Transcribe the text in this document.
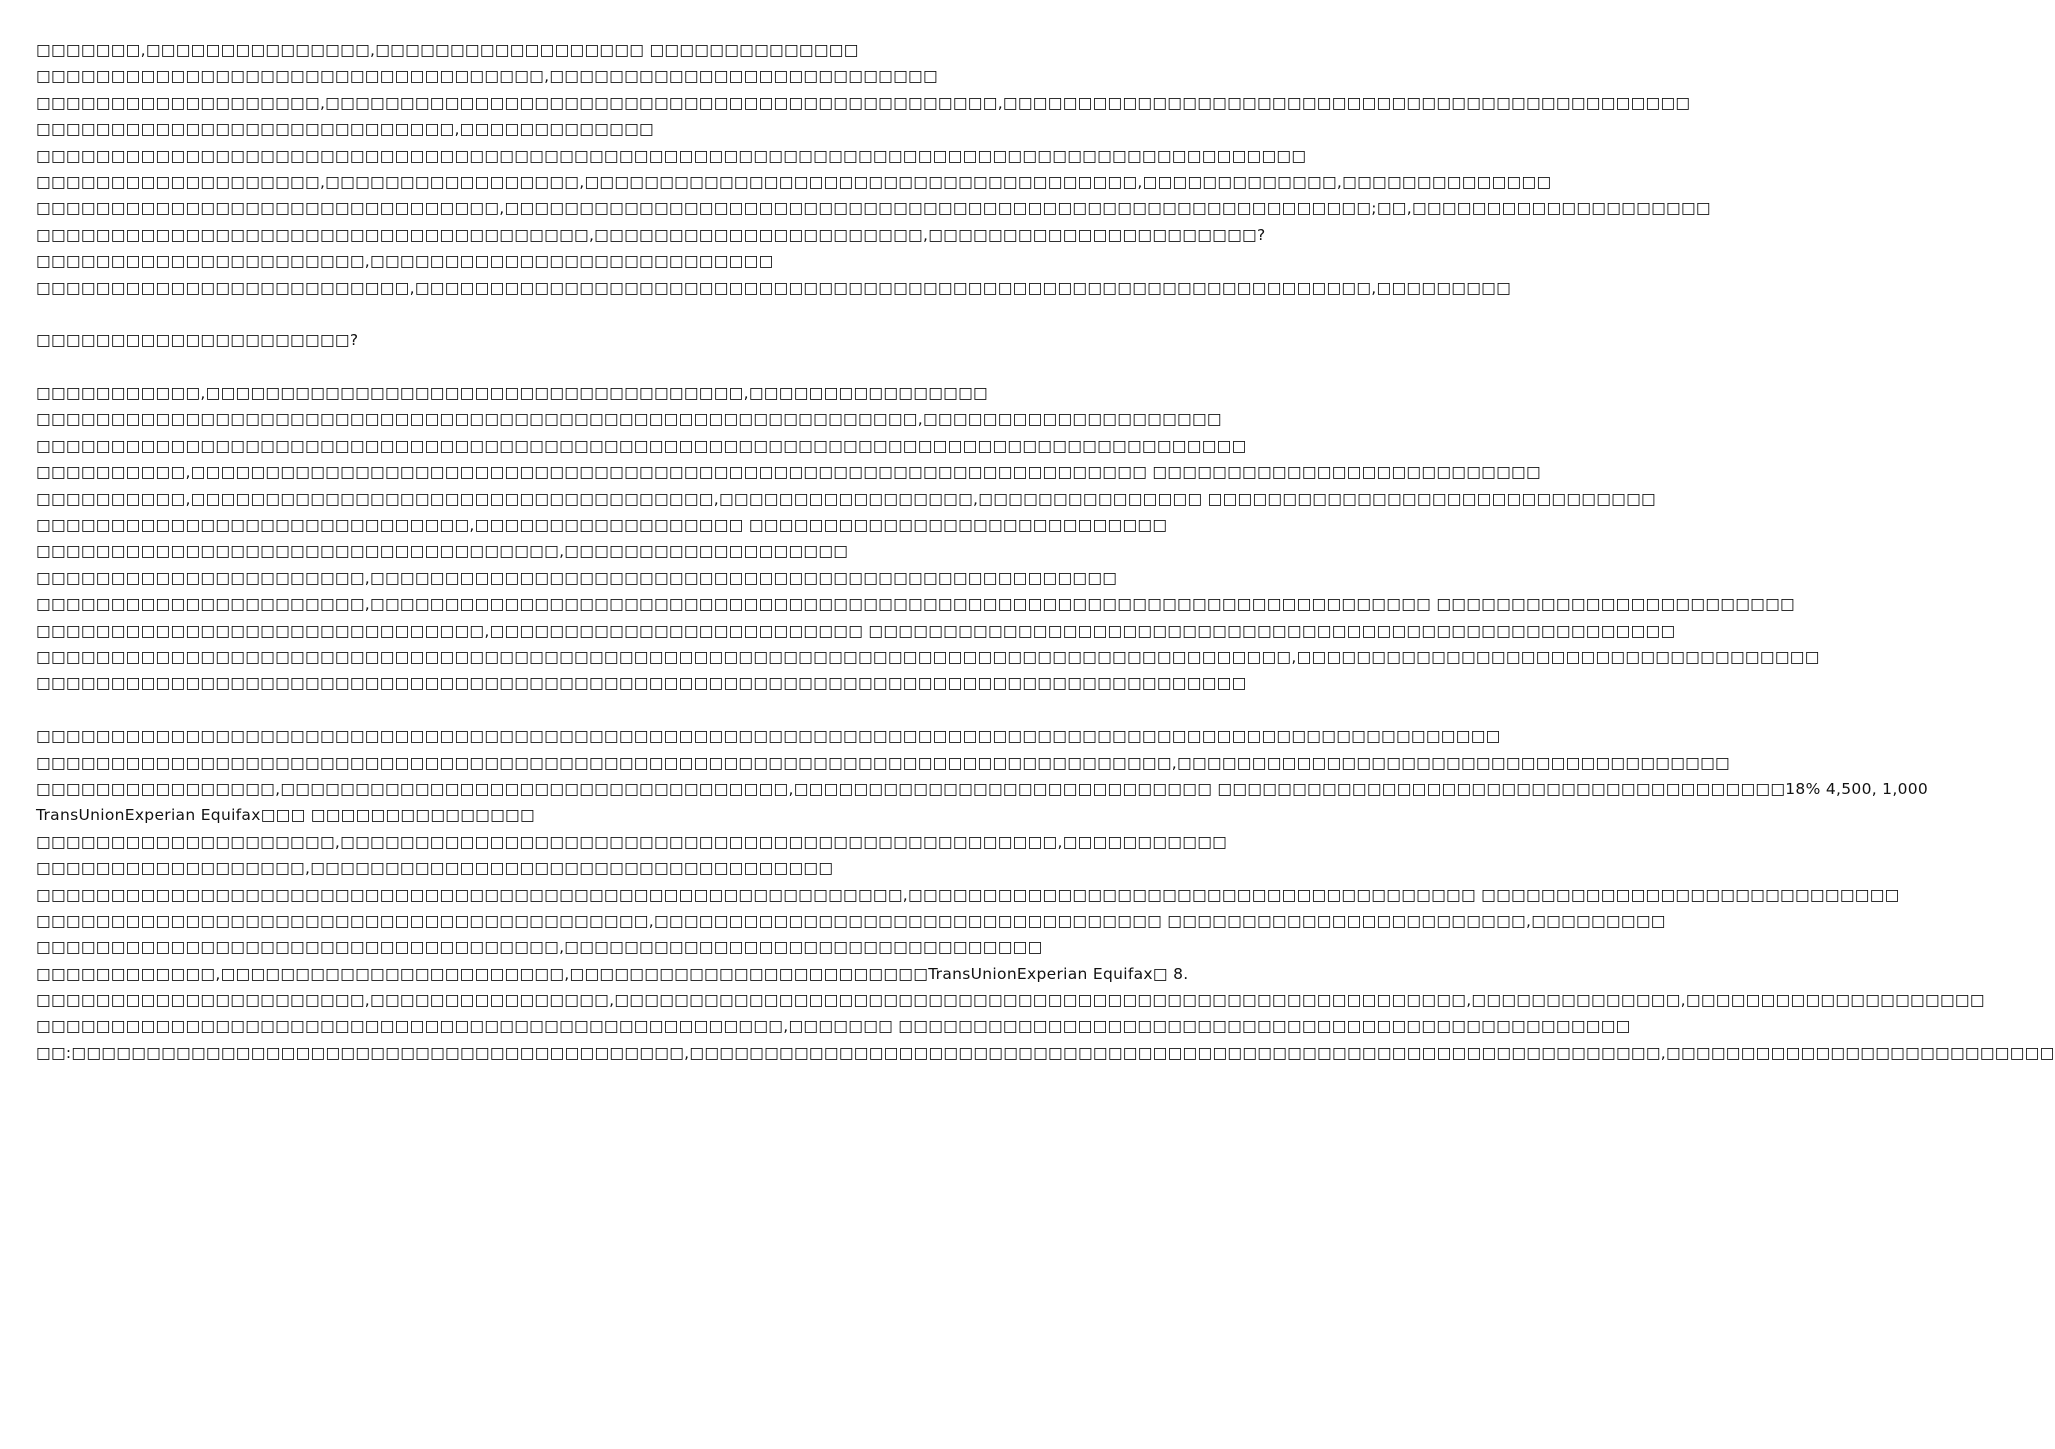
□□□□□□□,□□□□□□□□□□□□□□□,□□□□□□□□□□□□□□□□□□ □□□□□□□□□□□□□□
□□□□□□□□□□□□□□□□□□□□□□□□□□□□□□□□□□,□□□□□□□□□□□□□□□□□□□□□□□□□□
□□□□□□□□□□□□□□□□□□□,□□□□□□□□□□□□□□□□□□□□□□□□□□□□□□□□□□□□□□□□□□□□□,□□□□□□□□□□□□□□□□□□□□□□□□□□□□□□□□□□□□□□□□□□□□□□
□□□□□□□□□□□□□□□□□□□□□□□□□□□□,□□□□□□□□□□□□□
□□□□□□□□□□□□□□□□□□□□□□□□□□□□□□□□□□□□□□□□□□□□□□□□□□□□□□□□□□□□□□□□□□□□□□□□□□□□□□□□□□□□□
□□□□□□□□□□□□□□□□□□□,□□□□□□□□□□□□□□□□□,□□□□□□□□□□□□□□□□□□□□□□□□□□□□□□□□□□□□□,□□□□□□□□□□□□□,□□□□□□□□□□□□□□
□□□□□□□□□□□□□□□□□□□□□□□□□□□□□□□,□□□□□□□□□□□□□□□□□□□□□□□□□□□□□□□□□□□□□□□□□□□□□□□□□□□□□□□□□□;□□,□□□□□□□□□□□□□□□□□□□□
□□□□□□□□□□□□□□□□□□□□□□□□□□□□□□□□□□□□□,□□□□□□□□□□□□□□□□□□□□□□,□□□□□□□□□□□□□□□□□□□□□□?
□□□□□□□□□□□□□□□□□□□□□□,□□□□□□□□□□□□□□□□□□□□□□□□□□□
□□□□□□□□□□□□□□□□□□□□□□□□□,□□□□□□□□□□□□□□□□□□□□□□□□□□□□□□□□□□□□□□□□□□□□□□□□□□□□□□□□□□□□□□□□,□□□□□□□□□
□□□□□□□□□□□□□□□□□□□□□?
□□□□□□□□□□□,□□□□□□□□□□□□□□□□□□□□□□□□□□□□□□□□□□□□,□□□□□□□□□□□□□□□□
□□□□□□□□□□□□□□□□□□□□□□□□□□□□□□□□□□□□□□□□□□□□□□□□□□□□□□□□□□□,□□□□□□□□□□□□□□□□□□□□
□□□□□□□□□□□□□□□□□□□□□□□□□□□□□□□□□□□□□□□□□□□□□□□□□□□□□□□□□□□□□□□□□□□□□□□□□□□□□□□□□
□□□□□□□□□□,□□□□□□□□□□□□□□□□□□□□□□□□□□□□□□□□□□□□□□□□□□□□□□□□□□□□□□□□□□□□□□□□ □□□□□□□□□□□□□□□□□□□□□□□□□□
□□□□□□□□□□,□□□□□□□□□□□□□□□□□□□□□□□□□□□□□□□□□□□,□□□□□□□□□□□□□□□□□,□□□□□□□□□□□□□□□ □□□□□□□□□□□□□□□□□□□□□□□□□□□□□□
□□□□□□□□□□□□□□□□□□□□□□□□□□□□□,□□□□□□□□□□□□□□□□□□ □□□□□□□□□□□□□□□□□□□□□□□□□□□□
□□□□□□□□□□□□□□□□□□□□□□□□□□□□□□□□□□□,□□□□□□□□□□□□□□□□□□□
□□□□□□□□□□□□□□□□□□□□□□,□□□□□□□□□□□□□□□□□□□□□□□□□□□□□□□□□□□□□□□□□□□□□□□□□□
□□□□□□□□□□□□□□□□□□□□□□,□□□□□□□□□□□□□□□□□□□□□□□□□□□□□□□□□□□□□□□□□□□□□□□□□□□□□□□□□□□□□□□□□□□□□□□ □□□□□□□□□□□□□□□□□□□□□□□□
□□□□□□□□□□□□□□□□□□□□□□□□□□□□□□,□□□□□□□□□□□□□□□□□□□□□□□□□ □□□□□□□□□□□□□□□□□□□□□□□□□□□□□□□□□□□□□□□□□□□□□□□□□□□□□□
□□□□□□□□□□□□□□□□□□□□□□□□□□□□□□□□□□□□□□□□□□□□□□□□□□□□□□□□□□□□□□□□□□□□□□□□□□□□□□□□□□□□,□□□□□□□□□□□□□□□□□□□□□□□□□□□□□□□□□□□
□□□□□□□□□□□□□□□□□□□□□□□□□□□□□□□□□□□□□□□□□□□□□□□□□□□□□□□□□□□□□□□□□□□□□□□□□□□□□□□□□
□□□□□□□□□□□□□□□□□□□□□□□□□□□□□□□□□□□□□□□□□□□□□□□□□□□□□□□□□□□□□□□□□□□□□□□□□□□□□□□□□□□□□□□□□□□□□□□□□□
□□□□□□□□□□□□□□□□□□□□□□□□□□□□□□□□□□□□□□□□□□□□□□□□□□□□□□□□□□□□□□□□□□□□□□□□□□□□,□□□□□□□□□□□□□□□□□□□□□□□□□□□□□□□□□□□□□
□□□□□□□□□□□□□□□□,□□□□□□□□□□□□□□□□□□□□□□□□□□□□□□□□□□,□□□□□□□□□□□□□□□□□□□□□□□□□□□□ □□□□□□□□□□□□□□□□□□□□□□□□□□□□□□□□□□□□□□18% 4,500, 1,000
TransUnionExperian Equifax□□□ □□□□□□□□□□□□□□□
□□□□□□□□□□□□□□□□□□□□,□□□□□□□□□□□□□□□□□□□□□□□□□□□□□□□□□□□□□□□□□□□□□□□□,□□□□□□□□□□□
□□□□□□□□□□□□□□□□□□,□□□□□□□□□□□□□□□□□□□□□□□□□□□□□□□□□□□
□□□□□□□□□□□□□□□□□□□□□□□□□□□□□□□□□□□□□□□□□□□□□□□□□□□□□□□□□□,□□□□□□□□□□□□□□□□□□□□□□□□□□□□□□□□□□□□□□ □□□□□□□□□□□□□□□□□□□□□□□□□□□□
□□□□□□□□□□□□□□□□□□□□□□□□□□□□□□□□□□□□□□□□□,□□□□□□□□□□□□□□□□□□□□□□□□□□□□□□□□□□ □□□□□□□□□□□□□□□□□□□□□□□□,□□□□□□□□□
□□□□□□□□□□□□□□□□□□□□□□□□□□□□□□□□□□□,□□□□□□□□□□□□□□□□□□□□□□□□□□□□□□□□
□□□□□□□□□□□□,□□□□□□□□□□□□□□□□□□□□□□□,□□□□□□□□□□□□□□□□□□□□□□□□TransUnionExperian Equifax□ 8.
□□□□□□□□□□□□□□□□□□□□□□,□□□□□□□□□□□□□□□□,□□□□□□□□□□□□□□□□□□□□□□□□□□□□□□□□□□□□□□□□□□□□□□□□□□□□□□□□□,□□□□□□□□□□□□□□,□□□□□□□□□□□□□□□□□□□□
□□□□□□□□□□□□□□□□□□□□□□□□□□□□□□□□□□□□□□□□□□□□□□□□□□,□□□□□□□ □□□□□□□□□□□□□□□□□□□□□□□□□□□□□□□□□□□□□□□□□□□□□□□□□
□□:□□□□□□□□□□□□□□□□□□□□□□□□□□□□□□□□□□□□□□□□□,□□□□□□□□□□□□□□□□□□□□□□□□□□□□□□□□□□□□□□□□□□□□□□□□□□□□□□□□□□□□□□□□□,□□□□□□□□□□□□□□□□□□□□□□□□□□
